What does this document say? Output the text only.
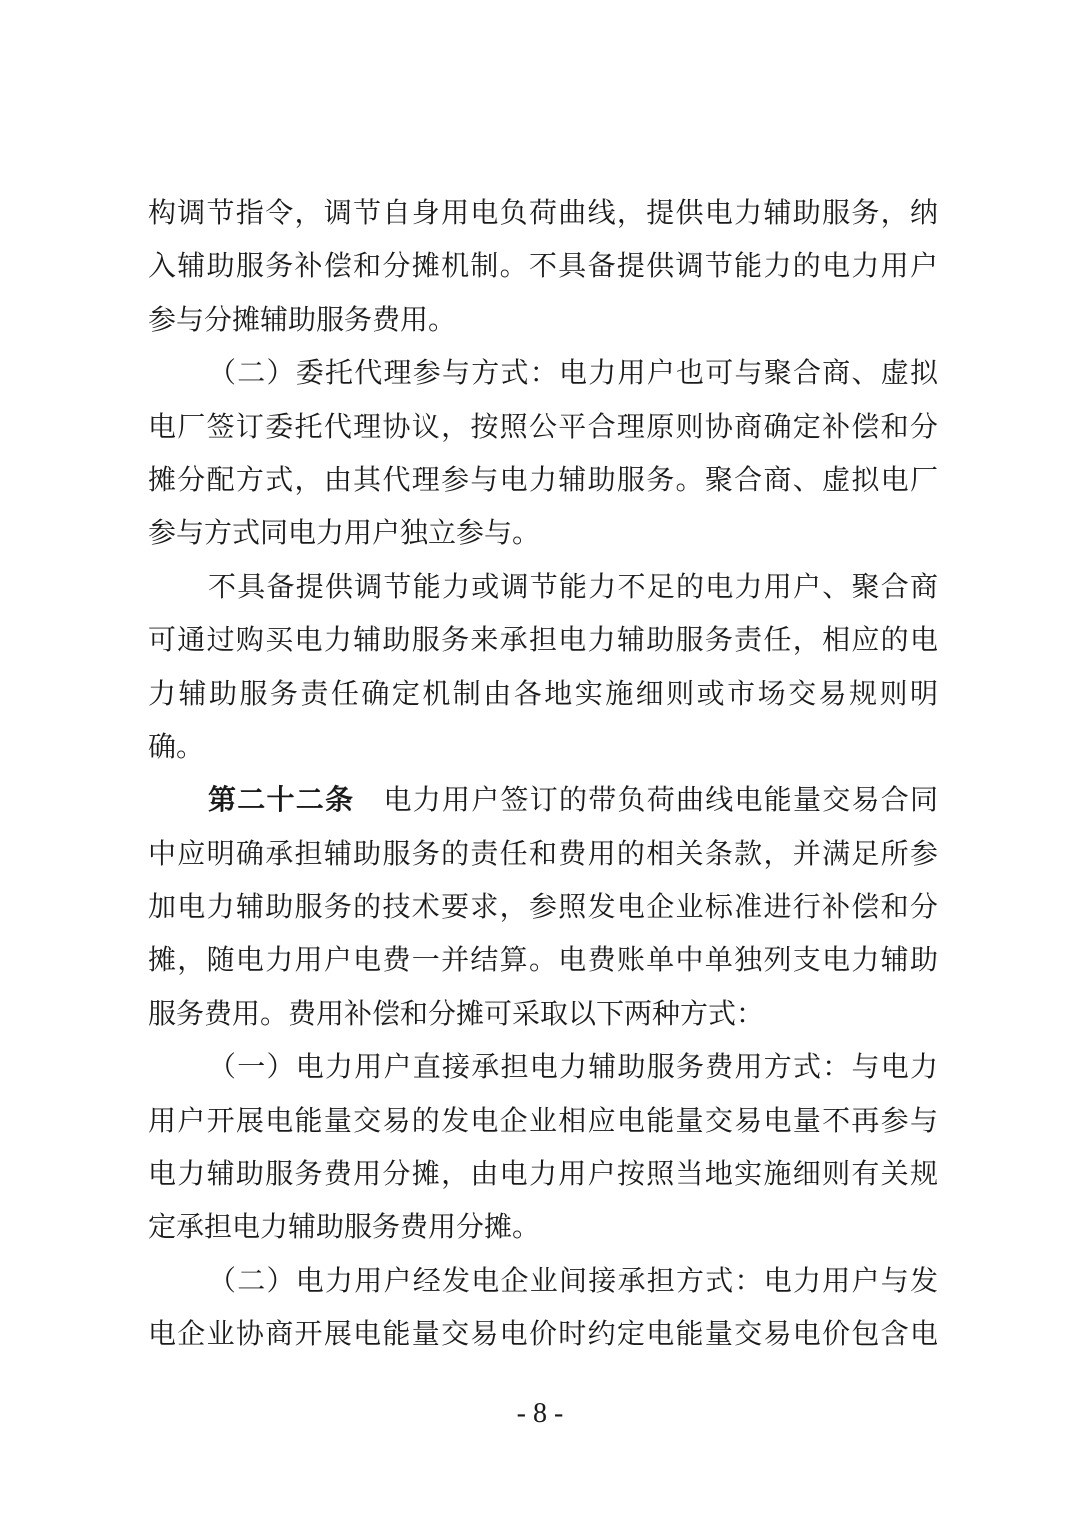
构调节指令，调节自身用电负荷曲线，提供电力辅助服务，纳
入辅助服务补偿和分摊机制。不具备提供调节能力的电力用户
参与分摊辅助服务费用。
（二）委托代理参与方式：电力用户也可与聚合商、虚拟
电厂签订委托代理协议，按照公平合理原则协商确定补偿和分
摊分配方式，由其代理参与电力辅助服务。聚合商、虚拟电厂
参与方式同电力用户独立参与。
不具备提供调节能力或调节能力不足的电力用户、聚合商
可通过购买电力辅助服务来承担电力辅助服务责任，相应的电
力辅助服务责任确定机制由各地实施细则或市场交易规则明
确。
第二十二条　 电力用户签订的带负荷曲线电能量交易合同
中应明确承担辅助服务的责任和费用的相关条款，并满足所参
加电力辅助服务的技术要求，参照发电企业标准进行补偿和分
摊，随电力用户电费一并结算。电费账单中单独列支电力辅助
服务费用。费用补偿和分摊可采取以下两种方式：
（一）电力用户直接承担电力辅助服务费用方式：与电力
用户开展电能量交易的发电企业相应电能量交易电量不再参与
电力辅助服务费用分摊，由电力用户按照当地实施细则有关规
定承担电力辅助服务费用分摊。
（二）电力用户经发电企业间接承担方式：电力用户与发
电企业协商开展电能量交易电价时约定电能量交易电价包含电
- 8 -
